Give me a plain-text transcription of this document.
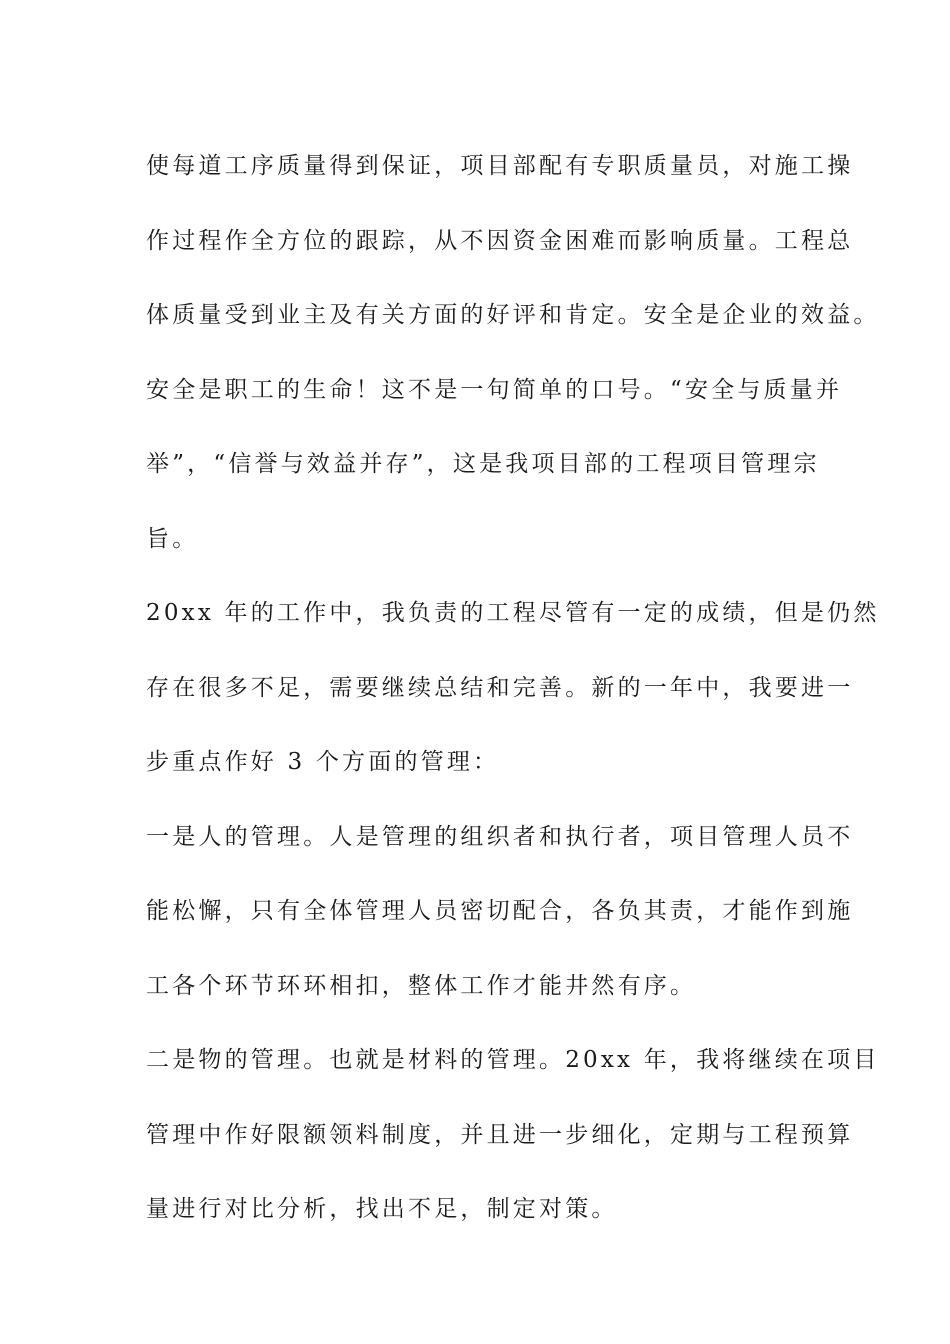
使每道工序质量得到保证，项目部配有专职质量员，对施工操
作过程作全方位的跟踪，从不因资金困难而影响质量。工程总
体质量受到业主及有关方面的好评和肯定。安全是企业的效益。
安全是职工的生命！这不是一句简单的口号。“安全与质量并
举”，“信誉与效益并存”，这是我项目部的工程项目管理宗
旨。
20xx 年的工作中，我负责的工程尽管有一定的成绩，但是仍然
存在很多不足，需要继续总结和完善。新的一年中，我要进一
步重点作好 3 个方面的管理：
一是人的管理。人是管理的组织者和执行者，项目管理人员不
能松懈，只有全体管理人员密切配合，各负其责，才能作到施
工各个环节环环相扣，整体工作才能井然有序。
二是物的管理。也就是材料的管理。20xx 年，我将继续在项目
管理中作好限额领料制度，并且进一步细化，定期与工程预算
量进行对比分析，找出不足，制定对策。
